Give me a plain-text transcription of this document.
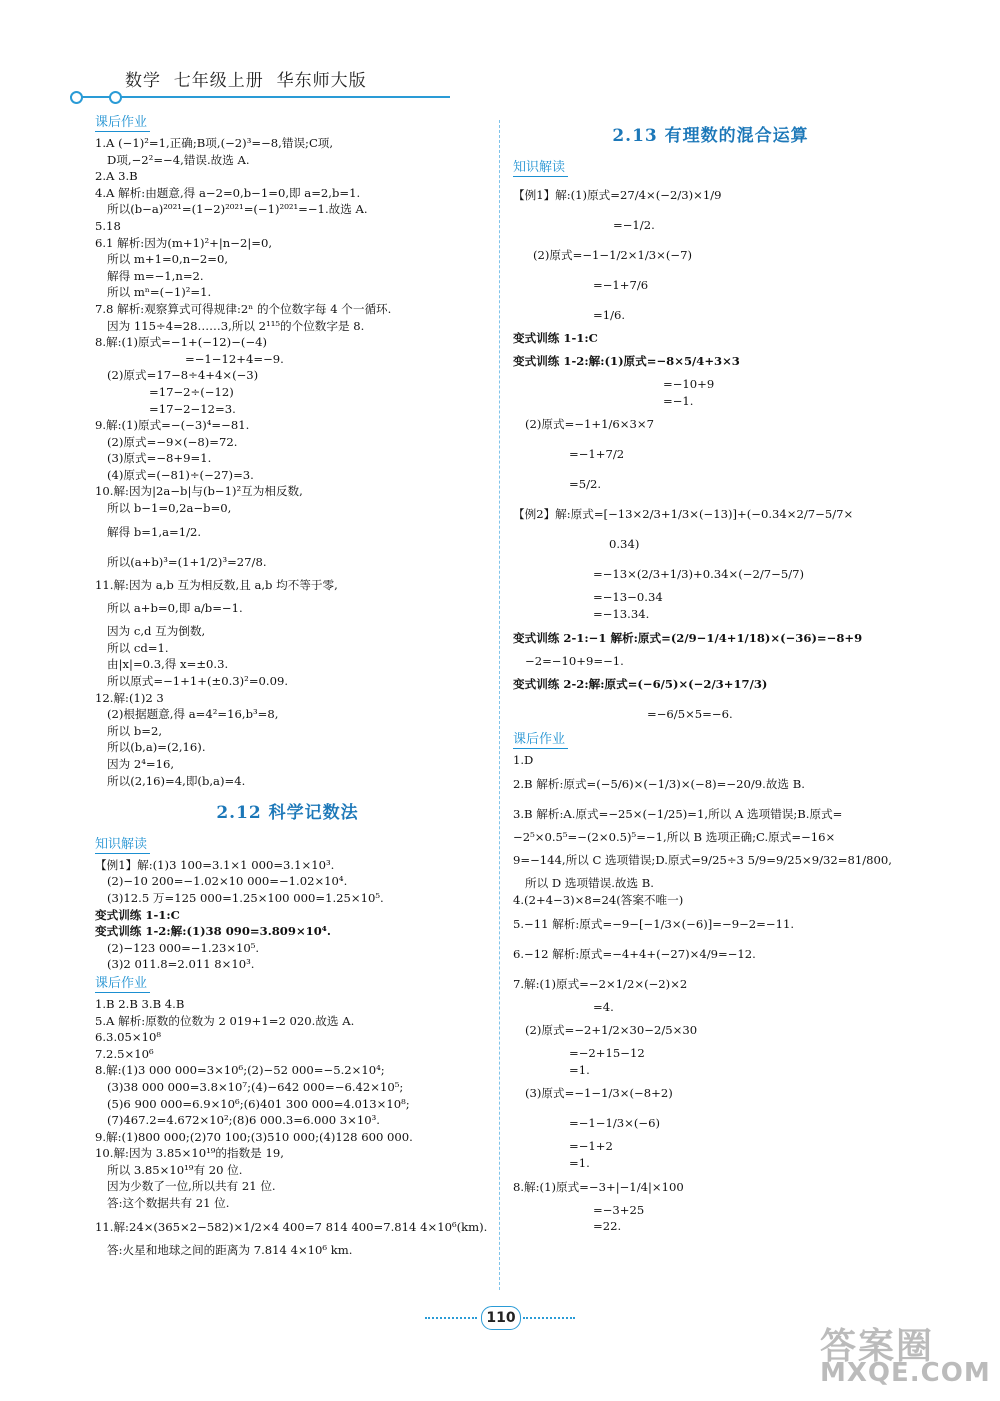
数学  七年级上册  华东师大版
课后作业

1.A (−1)²=1,正确;B项,(−2)³=−8,错误;C项,
D项,−2²=−4,错误.故选 A.
2.A 3.B
4.A 解析:由题意,得 a−2=0,b−1=0,即 a=2,b=1.
所以(b−a)²⁰²¹=(1−2)²⁰²¹=(−1)²⁰²¹=−1.故选 A.
5.18
6.1 解析:因为(m+1)²+|n−2|=0,
所以 m+1=0,n−2=0,
解得 m=−1,n=2.
所以 mⁿ=(−1)²=1.
7.8 解析:观察算式可得规律:2ⁿ 的个位数字每 4 个一循环.
因为 115÷4=28……3,所以 2¹¹⁵的个位数字是 8.
8.解:(1)原式=−1+(−12)−(−4)
=−1−12+4=−9.
(2)原式=17−8÷4+4×(−3)
=17−2÷(−12)
=17−2−12=3.
9.解:(1)原式=−(−3)⁴=−81.
(2)原式=−9×(−8)=72.
(3)原式=−8+9=1.
(4)原式=(−81)÷(−27)=3.
10.解:因为|2a−b|与(b−1)²互为相反数,
所以 b−1=0,2a−b=0,
解得 b=1,a=1/2.
所以(a+b)³=(1+1/2)³=27/8.
11.解:因为 a,b 互为相反数,且 a,b 均不等于零,
所以 a+b=0,即 a/b=−1.
因为 c,d 互为倒数,
所以 cd=1.
由|x|=0.3,得 x=±0.3.
所以原式=−1+1+(±0.3)²=0.09.
12.解:(1)2 3
(2)根据题意,得 a=4²=16,b³=8,
所以 b=2,
所以(b,a)=(2,16).
因为 2⁴=16,
所以(2,16)=4,即(b,a)=4.
2.12 科学记数法
知识解读

【例1】解:(1)3 100=3.1×1 000=3.1×10³.
(2)−10 200=−1.02×10 000=−1.02×10⁴.
(3)12.5 万=125 000=1.25×100 000=1.25×10⁵.
变式训练 1-1:C
变式训练 1-2:解:(1)38 090=3.809×10⁴.
(2)−123 000=−1.23×10⁵.
(3)2 011.8=2.011 8×10³.
课后作业

1.B 2.B 3.B 4.B
5.A 解析:原数的位数为 2 019+1=2 020.故选 A.
6.3.05×10⁸
7.2.5×10⁶
8.解:(1)3 000 000=3×10⁶;(2)−52 000=−5.2×10⁴;
(3)38 000 000=3.8×10⁷;(4)−642 000=−6.42×10⁵;
(5)6 900 000=6.9×10⁶;(6)401 300 000=4.013×10⁸;
(7)467.2=4.672×10²;(8)6 000.3=6.000 3×10³.
9.解:(1)800 000;(2)70 100;(3)510 000;(4)128 600 000.
10.解:因为 3.85×10¹⁹的指数是 19,
所以 3.85×10¹⁹有 20 位.
因为少数了一位,所以共有 21 位.
答:这个数据共有 21 位.
11.解:24×(365×2−582)×1/2×4 400=7 814 400=7.814 4×10⁶(km).
答:火星和地球之间的距离为 7.814 4×10⁶ km.
2.13 有理数的混合运算
知识解读

【例1】解:(1)原式=27/4×(−2/3)×1/9
=−1/2.
(2)原式=−1−1/2×1/3×(−7)
=−1+7/6
=1/6.
变式训练 1-1:C
变式训练 1-2:解:(1)原式=−8×5/4+3×3
=−10+9
=−1.
(2)原式=−1+1/6×3×7
=−1+7/2
=5/2.
【例2】解:原式=[−13×2/3+1/3×(−13)]+(−0.34×2/7−5/7×
0.34)
=−13×(2/3+1/3)+0.34×(−2/7−5/7)
=−13−0.34
=−13.34.
变式训练 2-1:−1 解析:原式=(2/9−1/4+1/18)×(−36)=−8+9
−2=−10+9=−1.
变式训练 2-2:解:原式=(−6/5)×(−2/3+17/3)
=−6/5×5=−6.
课后作业

1.D
2.B 解析:原式=(−5/6)×(−1/3)×(−8)=−20/9.故选 B.
3.B 解析:A.原式=−25×(−1/25)=1,所以 A 选项错误;B.原式=
−2⁵×0.5⁵=−(2×0.5)⁵=−1,所以 B 选项正确;C.原式=−16×
9=−144,所以 C 选项错误;D.原式=9/25÷3 5/9=9/25×9/32=81/800,
所以 D 选项错误.故选 B.
4.(2+4−3)×8=24(答案不唯一)
5.−11 解析:原式=−9−[−1/3×(−6)]=−9−2=−11.
6.−12 解析:原式=−4+4+(−27)×4/9=−12.
7.解:(1)原式=−2×1/2×(−2)×2
=4.
(2)原式=−2+1/2×30−2/5×30
=−2+15−12
=1.
(3)原式=−1−1/3×(−8+2)
=−1−1/3×(−6)
=−1+2
=1.
8.解:(1)原式=−3+|−1/4|×100
=−3+25
=22.
110
答案圈
MXQE.COM
